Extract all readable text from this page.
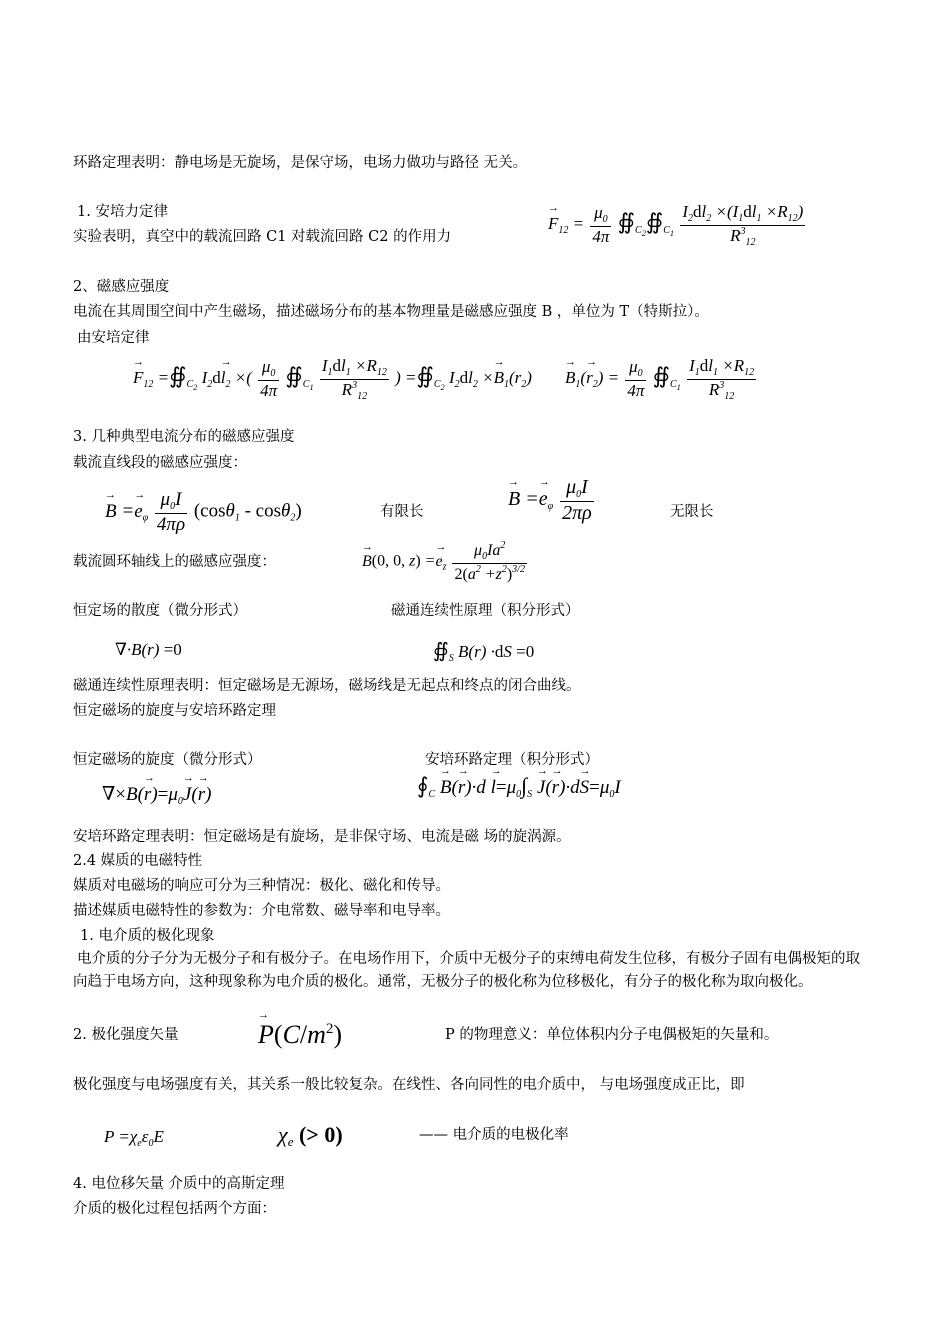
环路定理表明：静电场是无旋场，是保守场，电场力做功与路径 无关。
1. 安培力定律
实验表明，真空中的载流回路 C1 对载流回路 C2 的作用力
→ $F_{12} = \frac{\mu_0}{4\pi}$ $∯_{C_2}∯_{C_1} \frac{I_2dl_2 \times(I_1dl_1 \times R_{12})}{R^3_{12}}$
2、磁感应强度
电流在其周围空间中产生磁场，描述磁场分布的基本物理量是磁感应强度 B ，单位为 T（特斯拉）。
由安培定律
→ $F_{12}$ $=∯_{C_2}$ $I_2d\to l_2$ ×( $\frac{\mu_0}{4\pi}$ $∯_{C_1} \frac{I_1dl_1 \times R_{12}}{R^3_{12}}$ ) $=∯_{C_2}$ $I_2dl_2 \times\to B_1(r_2)$
→ $B_1(\to r_2) = \frac{\mu_0}{4\pi}$ $∯_{C_1} \frac{I_1dl_1 \times R_{12}}{R^3_{12}}$
3. 几种典型电流分布的磁感应强度
载流直线段的磁感应强度：
→ $B =\to e_\varphi \frac{\mu_0I}{4\pi\rho} (\cos\theta_1 - \cos\theta_2)$	有限长
→ $B =\to e_\varphi \frac{\mu_0I}{2\pi\rho}$	无限长
载流圆环轴线上的磁感应强度：
→	B(0, 0, $z) =\to e_z \frac{\mu_0Ia^2}{2(a^2 +z^2)^{3/2}}$
恒定场的散度（微分形式）	磁通连续性原理（积分形式）
∇·B(r) =0	$∯_S$ B(r) ·dS =0
磁通连续性原理表明：恒定磁场是无源场，磁场线是无起点和终点的闭合曲线。
恒定磁场的旋度与安培环路定理
恒定磁场的旋度（微分形式）	安培环路定理（积分形式）
$\nabla\times B(\to r)=\mu_0\to J(\to r)$	$∮_C \to B(\to r)\cdot d \to l=\mu_0\int_S \to J(\to r)\cdot d\to S=\mu_0I$
安培环路定理表明：恒定磁场是有旋场，是非保守场、电流是磁 场的旋涡源。
2.4 媒质的电磁特性
媒质对电磁场的响应可分为三种情况：极化、磁化和传导。
描述媒质电磁特性的参数为：介电常数、磁导率和电导率。
1. 电介质的极化现象
电介质的分子分为无极分子和有极分子。在电场作用下，介质中无极分子的束缚电荷发生位移，有极分子固有电偶极矩的取向趋于电场方向，这种现象称为电介质的极化。通常，无极分子的极化称为位移极化，有分子的极化称为取向极化。
2. 极化强度矢量
→	$P(C/m^2)$	P 的物理意义：单位体积内分子电偶极矩的矢量和。
极化强度与电场强度有关，其关系一般比较复杂。在线性、各向同性的电介质中， 与电场强度成正比，即
$P =\chi_e\varepsilon_0E$	$\chi_e$ (> 0)	—— 电介质的电极化率
4. 电位移矢量 介质中的高斯定理
介质的极化过程包括两个方面：
